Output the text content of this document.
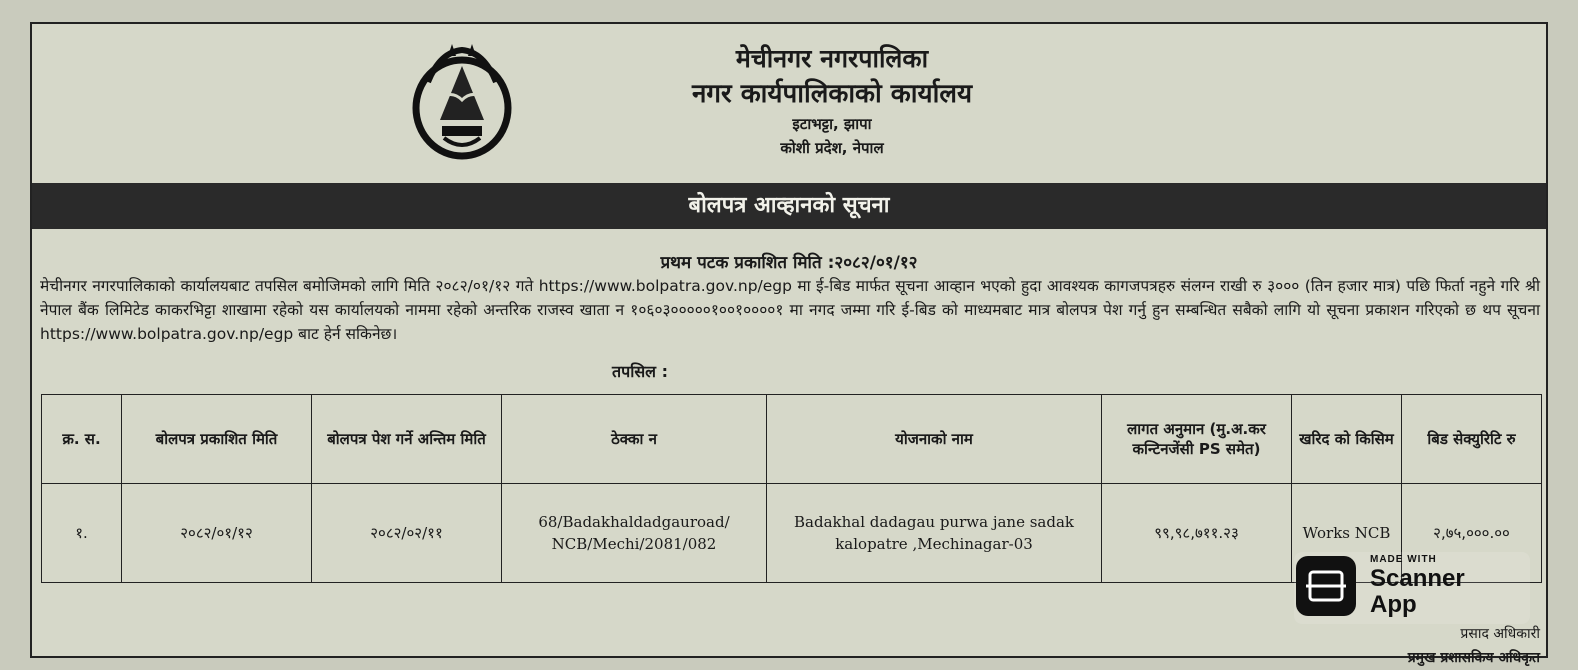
मेचीनगर नगरपालिका
नगर कार्यपालिकाको कार्यालय
इटाभट्टा, झापा
कोशी प्रदेश, नेपाल
बोलपत्र आव्हानको सूचना
प्रथम पटक प्रकाशित मिति :२०८२/०१/१२
मेचीनगर नगरपालिकाको कार्यालयबाट तपसिल बमोजिमको लागि मिति २०८२/०१/१२ गते https://www.bolpatra.gov.np/egp मा ई-बिड मार्फत सूचना आव्हान भएको हुदा आवश्यक कागजपत्रहरु संलग्न राखी रु ३००० (तिन हजार मात्र) पछि फिर्ता नहुने गरि श्री नेपाल बैंक लिमिटेड काकरभिट्टा शाखामा रहेको यस कार्यालयको नाममा रहेको अन्तरिक राजस्व खाता न १०६०३०००००१००१००००१ मा नगद जम्मा गरि ई-बिड को माध्यमबाट मात्र बोलपत्र पेश गर्नु हुन सम्बन्धित सबैको लागि यो सूचना प्रकाशन गरिएको छ थप सूचना https://www.bolpatra.gov.np/egp बाट हेर्न सकिनेछ।
तपसिल :
क्र. स.	बोलपत्र प्रकाशित मिति	बोलपत्र पेश गर्ने अन्तिम मिति	ठेक्का न	योजनाको नाम	लागत अनुमान (मु.अ.कर कन्टिनजेंसी PS समेत)	खरिद को किसिम	बिड सेक्युरिटि रु
१.	२०८२/०१/१२	२०८२/०२/११	68/Badakhaldadgauroad/ NCB/Mechi/2081/082	Badakhal dadagau purwa jane sadak kalopatre ,Mechinagar-03	९९,९८,७११.२३	Works NCB	२,७५,०००.००
प्रसाद अधिकारी
प्रमुख प्रशासकिय अधिकृत
MADE WITH
Scanner
App
